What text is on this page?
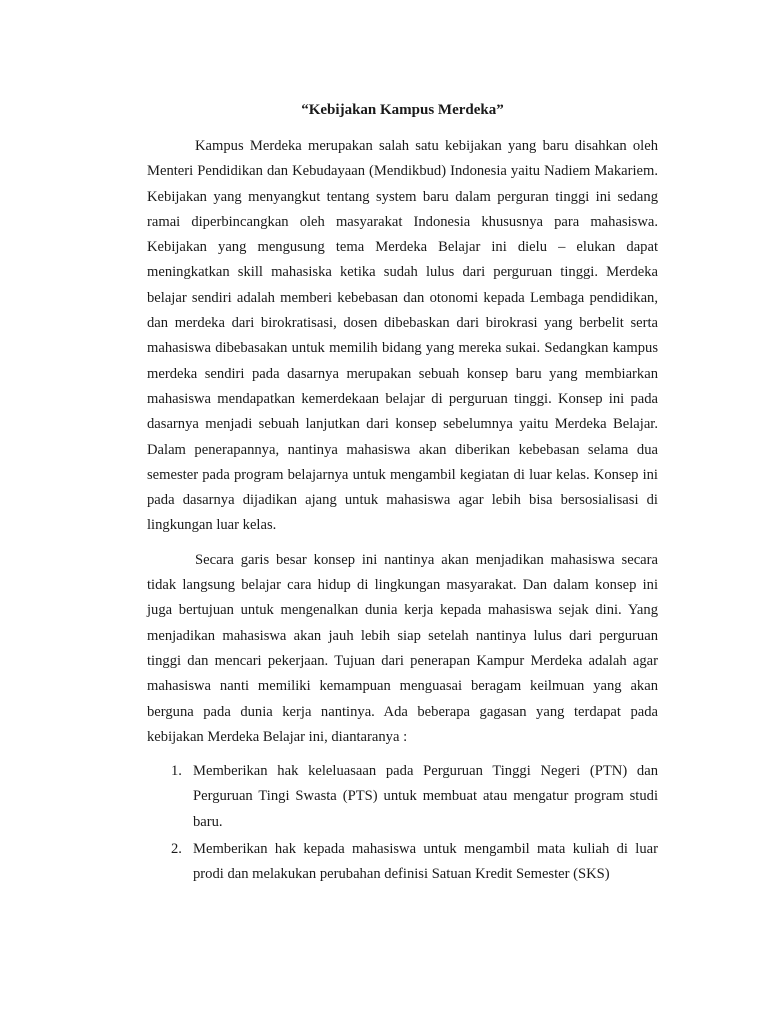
“Kebijakan Kampus Merdeka”

Kampus Merdeka merupakan salah satu kebijakan yang baru disahkan oleh Menteri Pendidikan dan Kebudayaan (Mendikbud) Indonesia yaitu Nadiem Makariem. Kebijakan yang menyangkut tentang system baru dalam perguran tinggi ini sedang ramai diperbincangkan oleh masyarakat Indonesia khususnya para mahasiswa. Kebijakan yang mengusung tema Merdeka Belajar ini dielu – elukan dapat meningkatkan skill mahasiska ketika sudah lulus dari perguruan tinggi. Merdeka belajar sendiri adalah memberi kebebasan dan otonomi kepada Lembaga pendidikan, dan merdeka dari birokratisasi, dosen dibebaskan dari birokrasi yang berbelit serta mahasiswa dibebasakan untuk memilih bidang yang mereka sukai. Sedangkan kampus merdeka sendiri pada dasarnya merupakan sebuah konsep baru yang membiarkan mahasiswa mendapatkan kemerdekaan belajar di perguruan tinggi. Konsep ini pada dasarnya menjadi sebuah lanjutkan dari konsep sebelumnya yaitu Merdeka Belajar. Dalam penerapannya, nantinya mahasiswa akan diberikan kebebasan selama dua semester pada program belajarnya untuk mengambil kegiatan di luar kelas. Konsep ini pada dasarnya dijadikan ajang untuk mahasiswa agar lebih bisa bersosialisasi di lingkungan luar kelas.

Secara garis besar konsep ini nantinya akan menjadikan mahasiswa secara tidak langsung belajar cara hidup di lingkungan masyarakat. Dan dalam konsep ini juga bertujuan untuk mengenalkan dunia kerja kepada mahasiswa sejak dini. Yang menjadikan mahasiswa akan jauh lebih siap setelah nantinya lulus dari perguruan tinggi dan mencari pekerjaan. Tujuan dari penerapan Kampur Merdeka adalah agar mahasiswa nanti memiliki kemampuan menguasai beragam keilmuan yang akan berguna pada dunia kerja nantinya. Ada beberapa gagasan yang terdapat pada kebijakan Merdeka Belajar ini, diantaranya :

1. Memberikan hak keleluasaan pada Perguruan Tinggi Negeri (PTN) dan Perguruan Tingi Swasta (PTS) untuk membuat atau mengatur program studi baru.
2. Memberikan hak kepada mahasiswa untuk mengambil mata kuliah di luar prodi dan melakukan perubahan definisi Satuan Kredit Semester (SKS)
